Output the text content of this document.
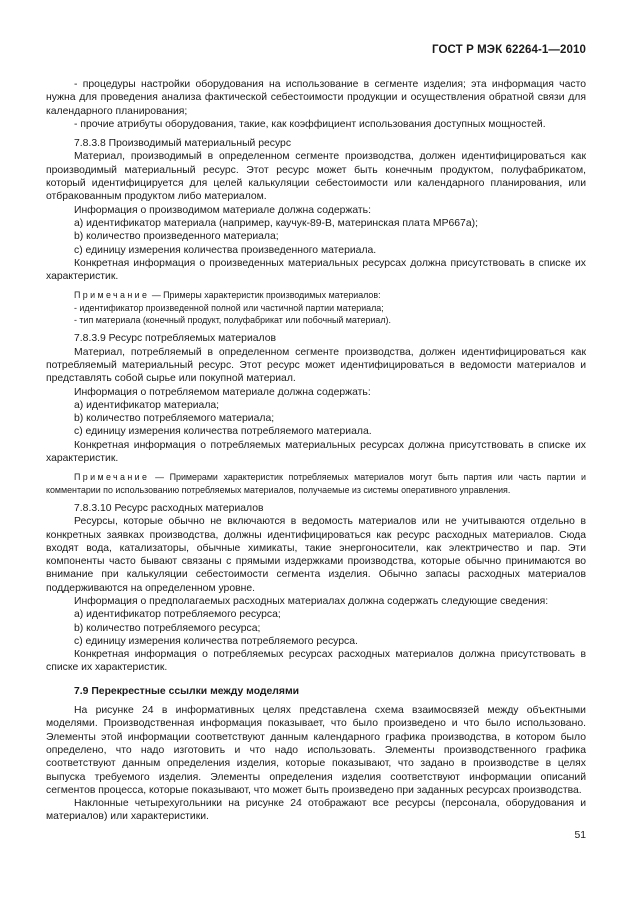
ГОСТ Р МЭК 62264-1—2010

- процедуры настройки оборудования на использование в сегменте изделия; эта информация часто нужна для проведения анализа фактической себестоимости продукции и осуществления обратной связи для календарного планирования;

- прочие атрибуты оборудования, такие, как коэффициент использования доступных мощностей.

7.8.3.8 Производимый материальный ресурс

Материал, производимый в определенном сегменте производства, должен идентифицироваться как производимый материальный ресурс. Этот ресурс может быть конечным продуктом, полуфабрикатом, который идентифицируется для целей калькуляции себестоимости или календарного планирования, или отбракованным продуктом либо материалом.

Информация о производимом материале должна содержать:

а) идентификатор материала (например, каучук-89-В, материнская плата МР667а);

b) количество произведенного материала;

с) единицу измерения количества произведенного материала.

Конкретная информация о произведенных материальных ресурсах должна присутствовать в списке их характеристик.

Примечание — Примеры характеристик производимых материалов:

- идентификатор произведенной полной или частичной партии материала;

- тип материала (конечный продукт, полуфабрикат или побочный материал).

7.8.3.9 Ресурс потребляемых материалов

Материал, потребляемый в определенном сегменте производства, должен идентифицироваться как потребляемый материальный ресурс. Этот ресурс может идентифицироваться в ведомости материалов и представлять собой сырье или покупной материал.

Информация о потребляемом материале должна содержать:

а) идентификатор материала;

b) количество потребляемого материала;

с) единицу измерения количества потребляемого материала.

Конкретная информация о потребляемых материальных ресурсах должна присутствовать в списке их характеристик.

Примечание — Примерами характеристик потребляемых материалов могут быть партия или часть партии и комментарии по использованию потребляемых материалов, получаемые из системы оперативного управления.

7.8.3.10 Ресурс расходных материалов

Ресурсы, которые обычно не включаются в ведомость материалов или не учитываются отдельно в конкретных заявках производства, должны идентифицироваться как ресурс расходных материалов. Сюда входят вода, катализаторы, обычные химикаты, такие энергоносители, как электричество и пар. Эти компоненты часто бывают связаны с прямыми издержками производства, которые обычно принимаются во внимание при калькуляции себестоимости сегмента изделия. Обычно запасы расходных материалов поддерживаются на определенном уровне.

Информация о предполагаемых расходных материалах должна содержать следующие сведения:

а) идентификатор потребляемого ресурса;

b) количество потребляемого ресурса;

с) единицу измерения количества потребляемого ресурса.

Конкретная информация о потребляемых ресурсах расходных материалов должна присутствовать в списке их характеристик.

7.9 Перекрестные ссылки между моделями

На рисунке 24 в информативных целях представлена схема взаимосвязей между объектными моделями. Производственная информация показывает, что было произведено и что было использовано. Элементы этой информации соответствуют данным календарного графика производства, в котором было определено, что надо изготовить и что надо использовать. Элементы производственного графика соответствуют данным определения изделия, которые показывают, что задано в производстве в целях выпуска требуемого изделия. Элементы определения изделия соответствуют информации описаний сегментов процесса, которые показывают, что может быть произведено при заданных ресурсах производства.

Наклонные четырехугольники на рисунке 24 отображают все ресурсы (персонала, оборудования и материалов) или характеристики.

51
